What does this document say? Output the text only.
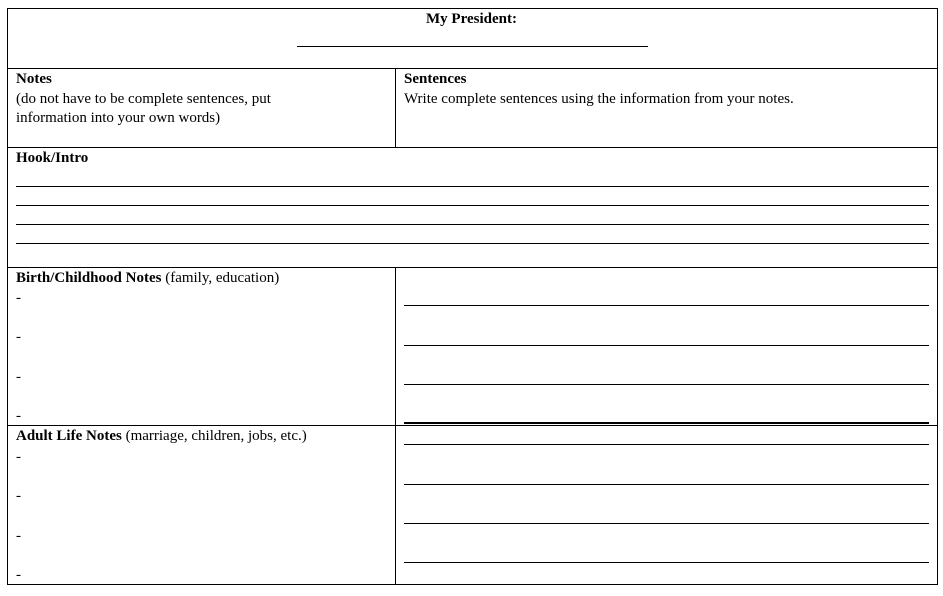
My President:
Notes
(do not have to be complete sentences, put
information into your own words)
Sentences
Write complete sentences using the information from your notes.
Hook/Intro
Birth/Childhood Notes (family, education)
-
-
-
-
Adult Life Notes (marriage, children, jobs, etc.)
-
-
-
-
